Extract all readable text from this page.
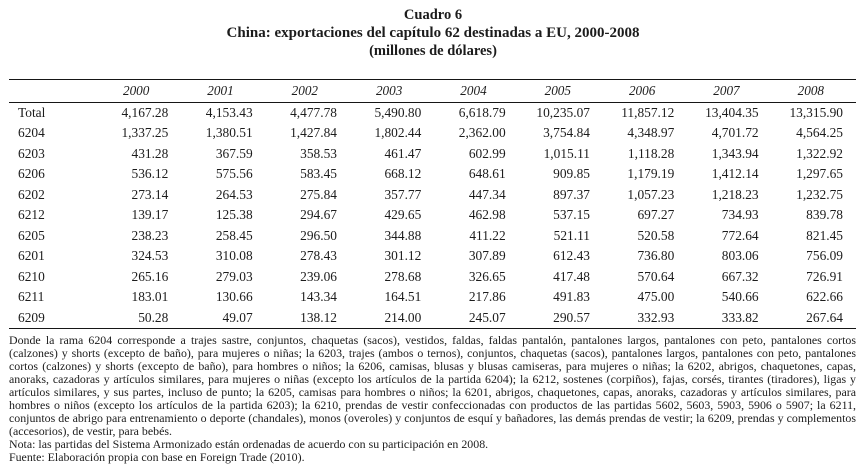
Cuadro 6
China: exportaciones del capítulo 62 destinadas a EU, 2000-2008
(millones de dólares)
	2000	2001	2002	2003	2004	2005	2006	2007	2008
Total	4,167.28	4,153.43	4,477.78	5,490.80	6,618.79	10,235.07	11,857.12	13,404.35	13,315.90
6204	1,337.25	1,380.51	1,427.84	1,802.44	2,362.00	3,754.84	4,348.97	4,701.72	4,564.25
6203	431.28	367.59	358.53	461.47	602.99	1,015.11	1,118.28	1,343.94	1,322.92
6206	536.12	575.56	583.45	668.12	648.61	909.85	1,179.19	1,412.14	1,297.65
6202	273.14	264.53	275.84	357.77	447.34	897.37	1,057.23	1,218.23	1,232.75
6212	139.17	125.38	294.67	429.65	462.98	537.15	697.27	734.93	839.78
6205	238.23	258.45	296.50	344.88	411.22	521.11	520.58	772.64	821.45
6201	324.53	310.08	278.43	301.12	307.89	612.43	736.80	803.06	756.09
6210	265.16	279.03	239.06	278.68	326.65	417.48	570.64	667.32	726.91
6211	183.01	130.66	143.34	164.51	217.86	491.83	475.00	540.66	622.66
6209	50.28	49.07	138.12	214.00	245.07	290.57	332.93	333.82	267.64

Donde la rama 6204 corresponde a trajes sastre, conjuntos, chaquetas (sacos), vestidos, faldas, faldas pantalón, pantalones largos, pantalones con peto, pantalones cortos (calzones) y shorts (excepto de baño), para mujeres o niñas; la 6203, trajes (ambos o ternos), conjuntos, chaquetas (sacos), pantalones largos, pantalones con peto, pantalones cortos (calzones) y shorts (excepto de baño), para hombres o niños; la 6206, camisas, blusas y blusas camiseras, para mujeres o niñas; la 6202, abrigos, chaquetones, capas, anoraks, cazadoras y artículos similares, para mujeres o niñas (excepto los artículos de la partida 6204); la 6212, sostenes (corpiños), fajas, corsés, tirantes (tiradores), ligas y artículos similares, y sus partes, incluso de punto; la 6205, camisas para hombres o niños; la 6201, abrigos, chaquetones, capas, anoraks, cazadoras y artículos similares, para hombres o niños (excepto los artículos de la partida 6203); la 6210, prendas de vestir confeccionadas con productos de las partidas 5602, 5603, 5903, 5906 o 5907; la 6211, conjuntos de abrigo para entrenamiento o deporte (chandales), monos (overoles) y conjuntos de esquí y bañadores, las demás prendas de vestir; la 6209, prendas y complementos (accesorios), de vestir, para bebés.

Nota: las partidas del Sistema Armonizado están ordenadas de acuerdo con su participación en 2008.

Fuente: Elaboración propia con base en Foreign Trade (2010).
